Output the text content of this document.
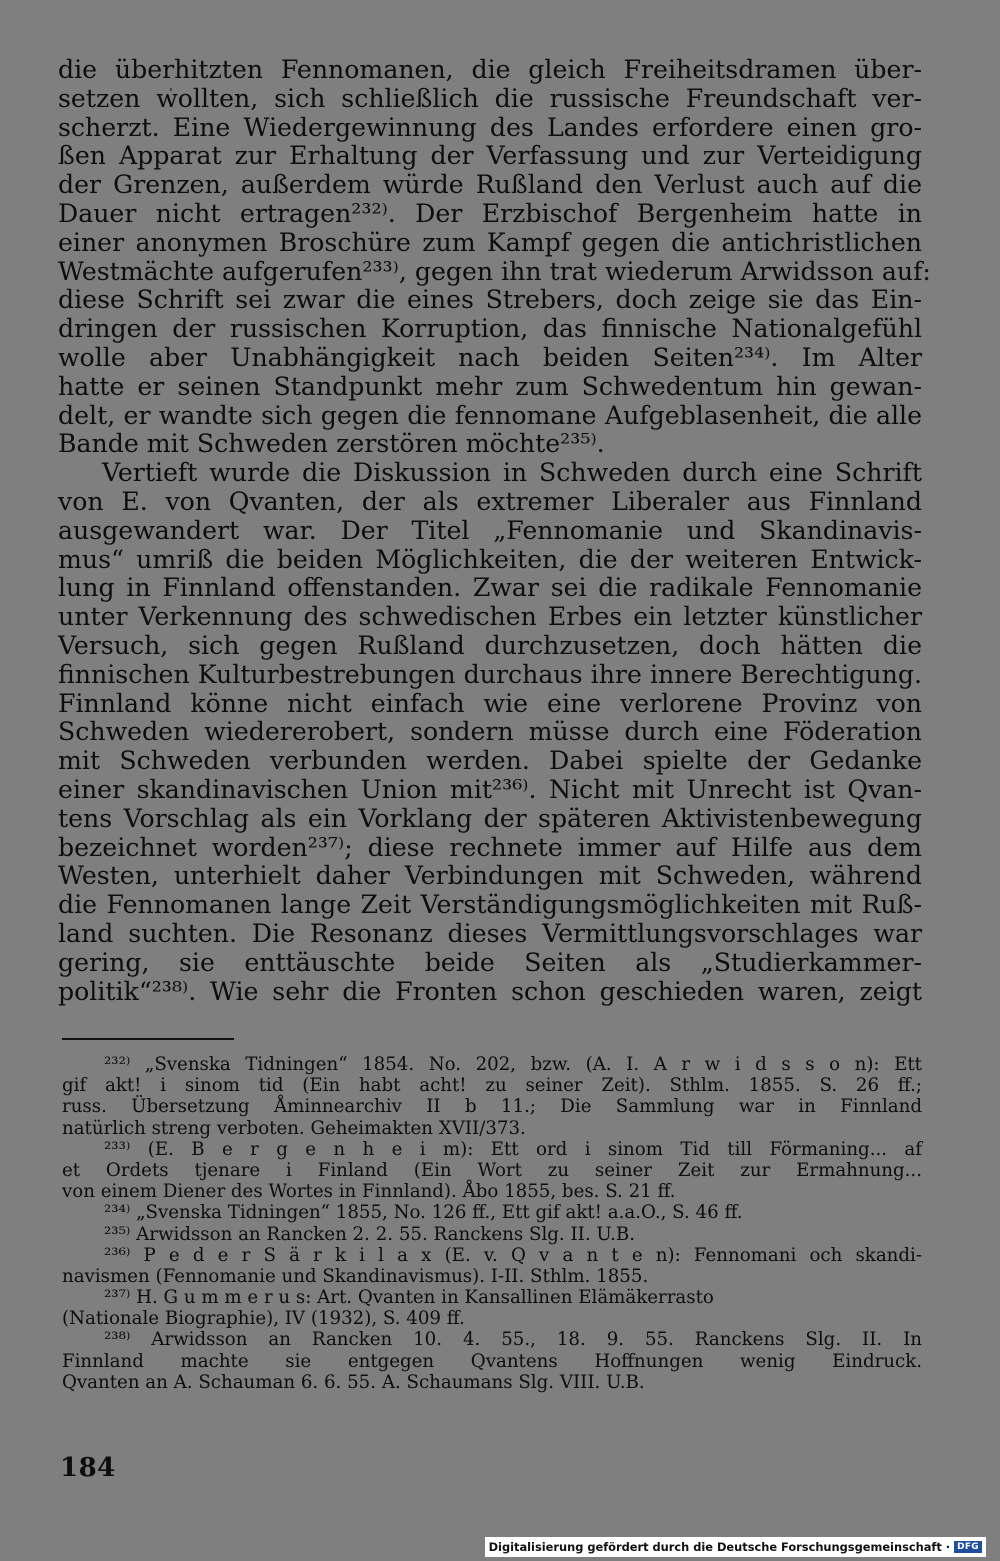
die überhitzten Fennomanen, die gleich Freiheitsdramen über-
setzen wollten, sich schließlich die russische Freundschaft ver-
scherzt. Eine Wiedergewinnung des Landes erfordere einen gro-
ßen Apparat zur Erhaltung der Verfassung und zur Verteidigung
der Grenzen, außerdem würde Rußland den Verlust auch auf die
Dauer nicht ertragen²³²⁾. Der Erzbischof Bergenheim hatte in
einer anonymen Broschüre zum Kampf gegen die antichristlichen
Westmächte aufgerufen²³³⁾, gegen ihn trat wiederum Arwidsson auf:
diese Schrift sei zwar die eines Strebers, doch zeige sie das Ein-
dringen der russischen Korruption, das finnische Nationalgefühl
wolle aber Unabhängigkeit nach beiden Seiten²³⁴⁾. Im Alter
hatte er seinen Standpunkt mehr zum Schwedentum hin gewan-
delt, er wandte sich gegen die fennomane Aufgeblasenheit, die alle
Bande mit Schweden zerstören möchte²³⁵⁾.
Vertieft wurde die Diskussion in Schweden durch eine Schrift
von E. von Qvanten, der als extremer Liberaler aus Finnland
ausgewandert war. Der Titel „Fennomanie und Skandinavis-
mus“ umriß die beiden Möglichkeiten, die der weiteren Entwick-
lung in Finnland offenstanden. Zwar sei die radikale Fennomanie
unter Verkennung des schwedischen Erbes ein letzter künstlicher
Versuch, sich gegen Rußland durchzusetzen, doch hätten die
finnischen Kulturbestrebungen durchaus ihre innere Berechtigung.
Finnland könne nicht einfach wie eine verlorene Provinz von
Schweden wiedererobert, sondern müsse durch eine Föderation
mit Schweden verbunden werden. Dabei spielte der Gedanke
einer skandinavischen Union mit²³⁶⁾. Nicht mit Unrecht ist Qvan-
tens Vorschlag als ein Vorklang der späteren Aktivistenbewegung
bezeichnet worden²³⁷⁾; diese rechnete immer auf Hilfe aus dem
Westen, unterhielt daher Verbindungen mit Schweden, während
die Fennomanen lange Zeit Verständigungsmöglichkeiten mit Ruß-
land suchten. Die Resonanz dieses Vermittlungsvorschlages war
gering, sie enttäuschte beide Seiten als „Studierkammer-
politik“²³⁸⁾. Wie sehr die Fronten schon geschieden waren, zeigt
²³²⁾ „Svenska Tidningen“ 1854. No. 202, bzw. (A. I. A r w i d s s o n): Ett
gif akt! i sinom tid (Ein habt acht! zu seiner Zeit). Sthlm. 1855. S. 26 ff.;
russ. Übersetzung Åminnearchiv II b 11.; Die Sammlung war in Finnland
natürlich streng verboten. Geheimakten XVII/373.
²³³⁾ (E. B e r g e n h e i m): Ett ord i sinom Tid till Förmaning... af
et Ordets tjenare i Finland (Ein Wort zu seiner Zeit zur Ermahnung...
von einem Diener des Wortes in Finnland). Åbo 1855, bes. S. 21 ff.
²³⁴⁾ „Svenska Tidningen“ 1855, No. 126 ff., Ett gif akt! a.a.O., S. 46 ff.
²³⁵⁾ Arwidsson an Rancken 2. 2. 55. Ranckens Slg. II. U.B.
²³⁶⁾ P e d e r S ä r k i l a x (E. v. Q v a n t e n): Fennomani och skandi-
navismen (Fennomanie und Skandinavismus). I-II. Sthlm. 1855.
²³⁷⁾ H. G u m m e r u s: Art. Qvanten in Kansallinen Elämäkerrasto
(Nationale Biographie), IV (1932), S. 409 ff.
²³⁸⁾ Arwidsson an Rancken 10. 4. 55., 18. 9. 55. Ranckens Slg. II. In
Finnland machte sie entgegen Qvantens Hoffnungen wenig Eindruck.
Qvanten an A. Schauman 6. 6. 55. A. Schaumans Slg. VIII. U.B.
184
Digitalisierung gefördert durch die Deutsche Forschungsgemeinschaft · DFG
